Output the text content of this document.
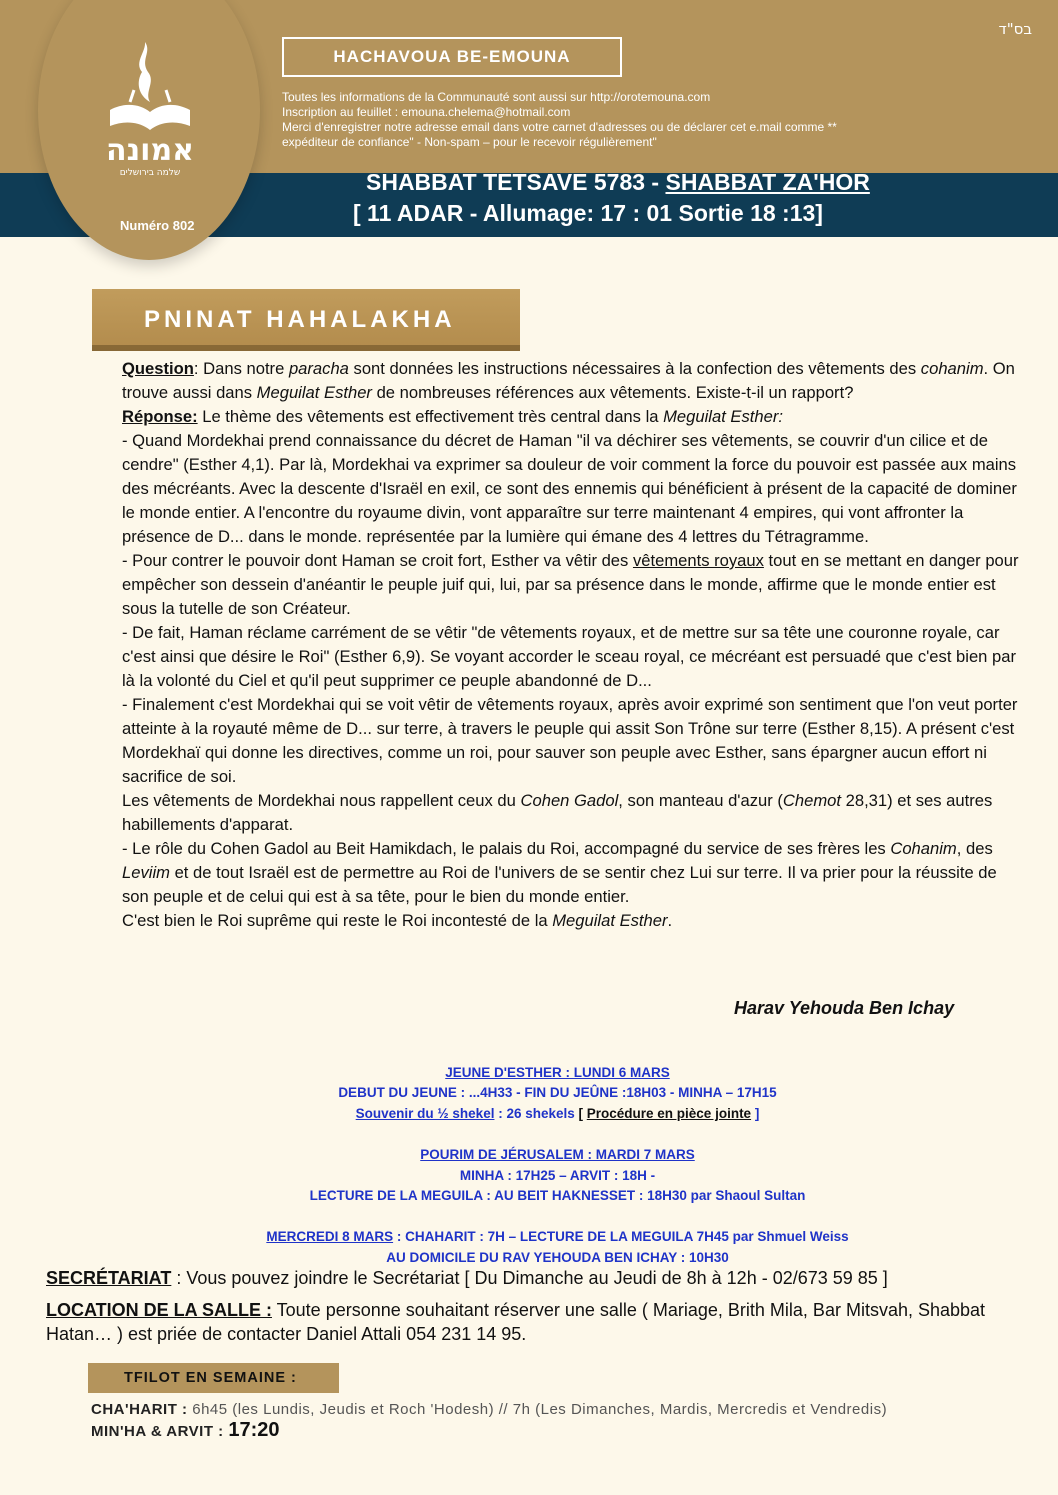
אמונה
שלמה בירושלים
Numéro 802
בס"ד
HACHAVOUA BE-EMOUNA
Toutes les informations de la Communauté sont aussi sur http://orotemouna.com
Inscription au feuillet : emouna.chelema@hotmail.com
Merci d'enregistrer notre adresse email dans votre carnet d'adresses ou de déclarer cet e.mail comme **
expéditeur de confiance" - Non-spam – pour le recevoir régulièrement"
SHABBAT TETSAVE 5783 - SHABBAT ZA'HOR
[ 11 ADAR - Allumage: 17 : 01 Sortie 18 :13]
PNINAT HAHALAKHA

Question: Dans notre paracha sont données les instructions nécessaires à la confection des vêtements des cohanim. On trouve aussi dans Meguilat Esther de nombreuses références aux vêtements. Existe-t-il un rapport?

Réponse: Le thème des vêtements est effectivement très central dans la Meguilat Esther:

- Quand Mordekhai prend connaissance du décret de Haman "il va déchirer ses vêtements, se couvrir d'un cilice et de cendre" (Esther 4,1). Par là, Mordekhai va exprimer sa douleur de voir comment la force du pouvoir est passée aux mains des mécréants. Avec la descente d'Israël en exil, ce sont des ennemis qui bénéficient à présent de la capacité de dominer le monde entier. A l'encontre du royaume divin, vont apparaître sur terre maintenant 4 empires, qui vont affronter la présence de D... dans le monde. représentée par la lumière qui émane des 4 lettres du Tétragramme.

- Pour contrer le pouvoir dont Haman se croit fort, Esther va vêtir des vêtements royaux tout en se mettant en danger pour empêcher son dessein d'anéantir le peuple juif qui, lui, par sa présence dans le monde, affirme que le monde entier est sous la tutelle de son Créateur.

- De fait, Haman réclame carrément de se vêtir "de vêtements royaux, et de mettre sur sa tête une couronne royale, car c'est ainsi que désire le Roi" (Esther 6,9). Se voyant accorder le sceau royal, ce mécréant est persuadé que c'est bien par là la volonté du Ciel et qu'il peut supprimer ce peuple abandonné de D...

- Finalement c'est Mordekhai qui se voit vêtir de vêtements royaux, après avoir exprimé son sentiment que l'on veut porter atteinte à la royauté même de D... sur terre, à travers le peuple qui assit Son Trône sur terre (Esther 8,15). A présent c'est Mordekhaï qui donne les directives, comme un roi, pour sauver son peuple avec Esther, sans épargner aucun effort ni sacrifice de soi.

Les vêtements de Mordekhai nous rappellent ceux du Cohen Gadol, son manteau d'azur (Chemot 28,31) et ses autres habillements d'apparat.

- Le rôle du Cohen Gadol au Beit Hamikdach, le palais du Roi, accompagné du service de ses frères les Cohanim, des Leviim et de tout Israël est de permettre au Roi de l'univers de se sentir chez Lui sur terre. Il va prier pour la réussite de son peuple et de celui qui est à sa tête, pour le bien du monde entier.

C'est bien le Roi suprême qui reste le Roi incontesté de la Meguilat Esther.

Harav Yehouda Ben Ichay
JEUNE D'ESTHER : LUNDI 6 MARS
DEBUT DU JEUNE : ...4H33 - FIN DU JEÛNE :18H03 - MINHA – 17H15
Souvenir du ½ shekel : 26 shekels [ Procédure en pièce jointe ]
POURIM DE JÉRUSALEM : MARDI 7 MARS
MINHA : 17H25 – ARVIT : 18H -
LECTURE DE LA MEGUILA : AU BEIT HAKNESSET : 18H30 par Shaoul Sultan
MERCREDI 8 MARS : CHAHARIT : 7H – LECTURE DE LA MEGUILA 7H45 par Shmuel Weiss
AU DOMICILE DU RAV YEHOUDA BEN ICHAY : 10H30
SECRÉTARIAT : Vous pouvez joindre le Secrétariat [ Du Dimanche au Jeudi de 8h à 12h - 02/673 59 85 ]
LOCATION DE LA SALLE : Toute personne souhaitant réserver une salle ( Mariage, Brith Mila, Bar Mitsvah, Shabbat Hatan… ) est priée de contacter Daniel Attali 054 231 14 95.
TFILOT EN SEMAINE :
CHA'HARIT : 6h45 (les Lundis, Jeudis et Roch 'Hodesh) // 7h (Les Dimanches, Mardis, Mercredis et Vendredis)
MIN'HA & ARVIT : 17:20
